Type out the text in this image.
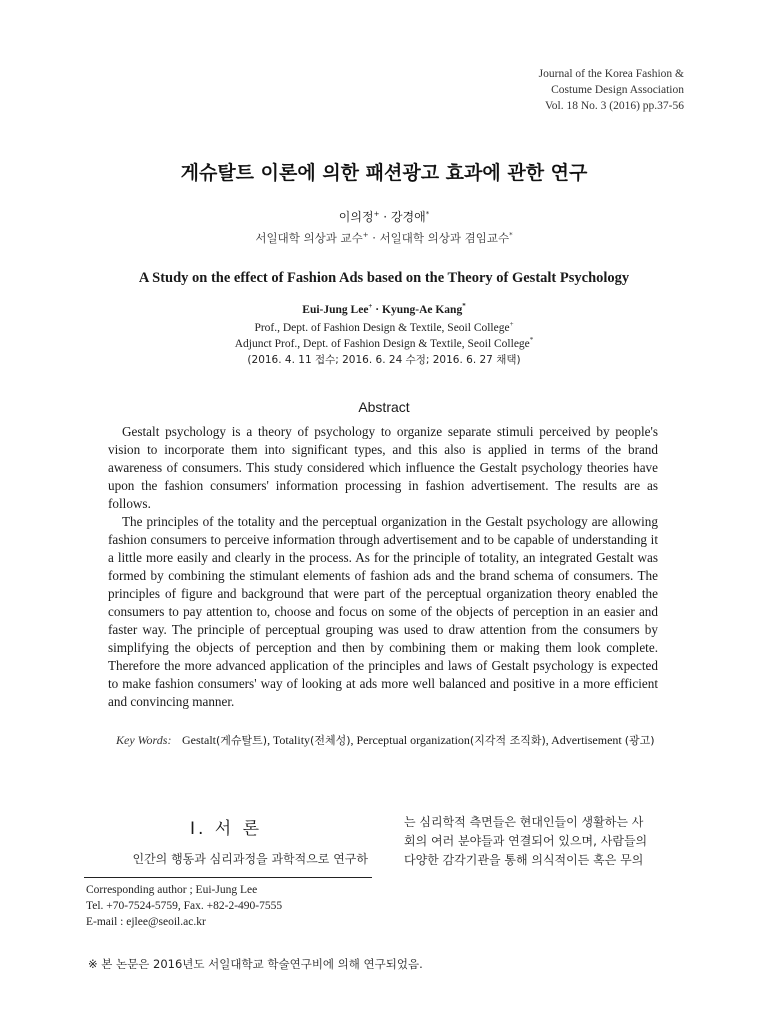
Journal of the Korea Fashion &
Costume Design Association
Vol. 18 No. 3 (2016) pp.37-56
게슈탈트 이론에 의한 패션광고 효과에 관한 연구
이의정+ · 강경애*
서일대학 의상과 교수+ · 서일대학 의상과 겸임교수*
A Study on the effect of Fashion Ads based on the Theory of Gestalt Psychology
Eui-Jung Lee+ · Kyung-Ae Kang*
Prof., Dept. of Fashion Design & Textile, Seoil College+
Adjunct Prof., Dept. of Fashion Design & Textile, Seoil College*
(2016. 4. 11 접수; 2016. 6. 24 수정; 2016. 6. 27 채택)
Abstract

Gestalt psychology is a theory of psychology to organize separate stimuli perceived by people's vision to incorporate them into significant types, and this also is applied in terms of the brand awareness of consumers. This study considered which influence the Gestalt psychology theories have upon the fashion consumers' information processing in fashion advertisement. The results are as follows.

The principles of the totality and the perceptual organization in the Gestalt psychology are allowing fashion consumers to perceive information through advertisement and to be capable of understanding it a little more easily and clearly in the process. As for the principle of totality, an integrated Gestalt was formed by combining the stimulant elements of fashion ads and the brand schema of consumers. The principles of figure and background that were part of the perceptual organization theory enabled the consumers to pay attention to, choose and focus on some of the objects of perception in an easier and faster way. The principle of perceptual grouping was used to draw attention from the consumers by simplifying the objects of perception and then by combining them or making them look complete. Therefore the more advanced application of the principles and laws of Gestalt psychology is expected to make fashion consumers' way of looking at ads more well balanced and positive in a more efficient and convincing manner.

Key Words: Gestalt(게슈탈트), Totality(전체성), Perceptual organization(지각적 조직화), Advertisement (광고)
Ⅰ. 서 론
인간의 행동과 심리과정을 과학적으로 연구하
는 심리학적 측면들은 현대인들이 생활하는 사
회의 여러 분야들과 연결되어 있으며, 사람들의
다양한 감각기관을 통해 의식적이든 혹은 무의
Corresponding author ; Eui-Jung Lee
Tel. +70-7524-5759, Fax. +82-2-490-7555
E-mail : ejlee@seoil.ac.kr
※ 본 논문은 2016년도 서일대학교 학술연구비에 의해 연구되었음.
